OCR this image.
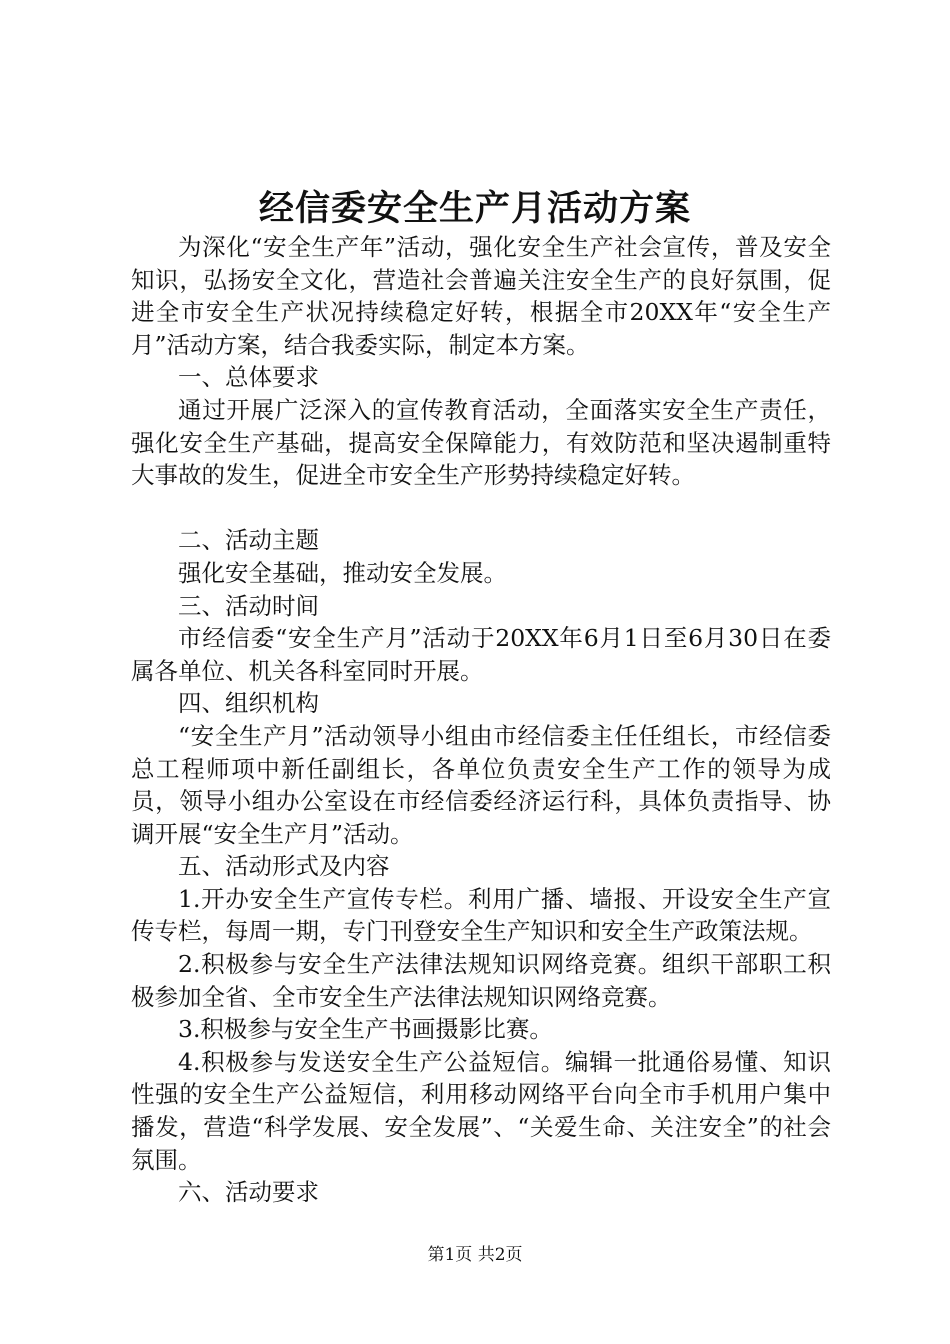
经信委安全生产月活动方案

为深化“安全生产年”活动，强化安全生产社会宣传，普及安全知识，弘扬安全文化，营造社会普遍关注安全生产的良好氛围，促进全市安全生产状况持续稳定好转，根据全市20XX年“安全生产月”活动方案，结合我委实际，制定本方案。

一、总体要求

通过开展广泛深入的宣传教育活动，全面落实安全生产责任，强化安全生产基础，提高安全保障能力，有效防范和坚决遏制重特大事故的发生，促进全市安全生产形势持续稳定好转。

二、活动主题

强化安全基础，推动安全发展。

三、活动时间

市经信委“安全生产月”活动于20XX年6月1日至6月30日在委属各单位、机关各科室同时开展。

四、组织机构

“安全生产月”活动领导小组由市经信委主任任组长，市经信委总工程师项中新任副组长，各单位负责安全生产工作的领导为成员，领导小组办公室设在市经信委经济运行科，具体负责指导、协调开展“安全生产月”活动。

五、活动形式及内容

1.开办安全生产宣传专栏。利用广播、墙报、开设安全生产宣传专栏，每周一期，专门刊登安全生产知识和安全生产政策法规。

2.积极参与安全生产法律法规知识网络竞赛。组织干部职工积极参加全省、全市安全生产法律法规知识网络竞赛。

3.积极参与安全生产书画摄影比赛。

4.积极参与发送安全生产公益短信。编辑一批通俗易懂、知识性强的安全生产公益短信，利用移动网络平台向全市手机用户集中播发，营造“科学发展、安全发展”、“关爱生命、关注安全”的社会氛围。

六、活动要求

第1页 共2页
